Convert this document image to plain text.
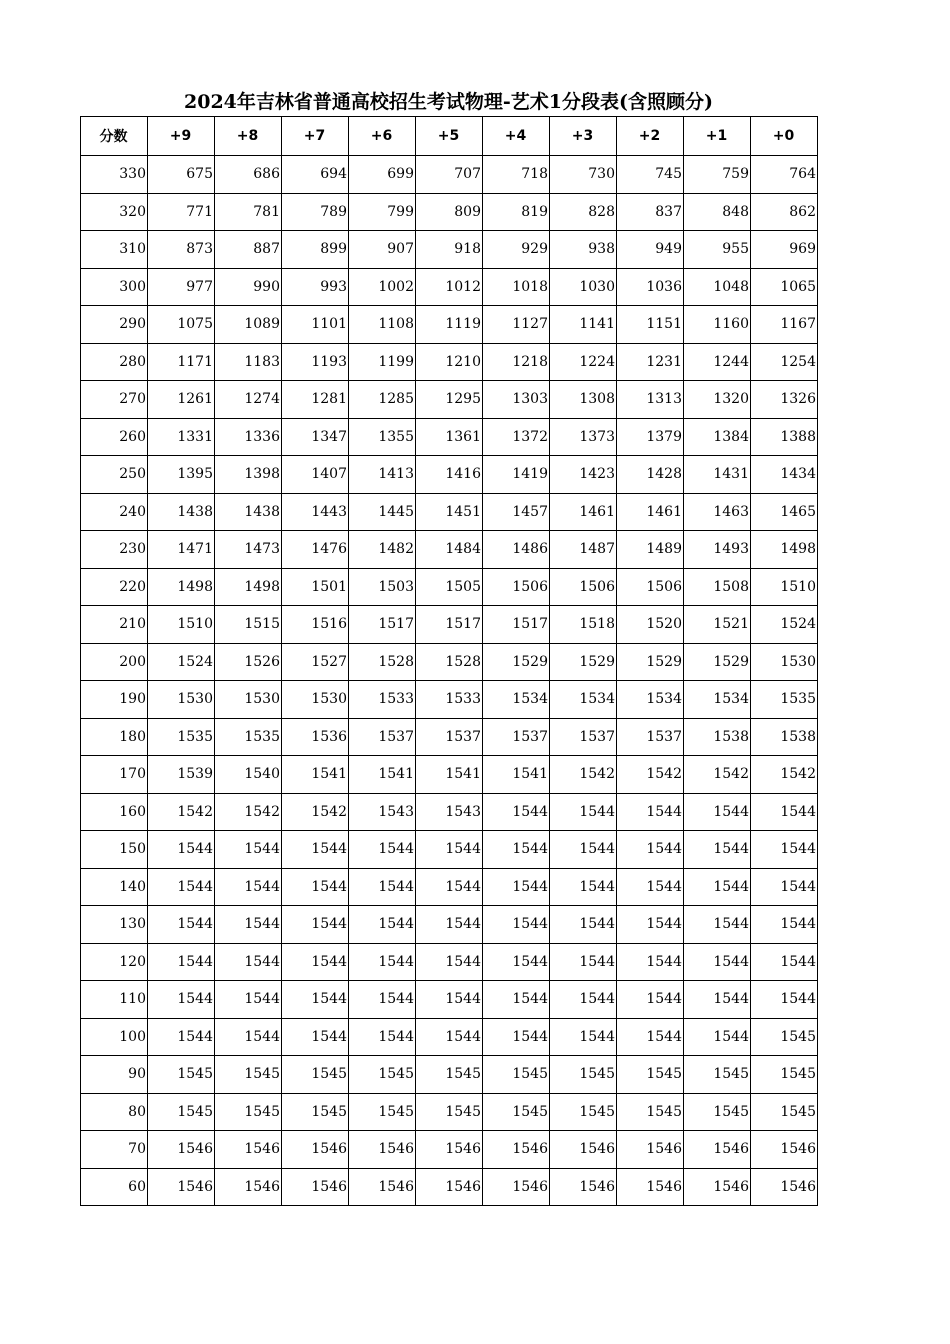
2024年吉林省普通高校招生考试物理-艺术1分段表(含照顾分)
分数	+9	+8	+7	+6	+5	+4	+3	+2	+1	+0
330	675	686	694	699	707	718	730	745	759	764
320	771	781	789	799	809	819	828	837	848	862
310	873	887	899	907	918	929	938	949	955	969
300	977	990	993	1002	1012	1018	1030	1036	1048	1065
290	1075	1089	1101	1108	1119	1127	1141	1151	1160	1167
280	1171	1183	1193	1199	1210	1218	1224	1231	1244	1254
270	1261	1274	1281	1285	1295	1303	1308	1313	1320	1326
260	1331	1336	1347	1355	1361	1372	1373	1379	1384	1388
250	1395	1398	1407	1413	1416	1419	1423	1428	1431	1434
240	1438	1438	1443	1445	1451	1457	1461	1461	1463	1465
230	1471	1473	1476	1482	1484	1486	1487	1489	1493	1498
220	1498	1498	1501	1503	1505	1506	1506	1506	1508	1510
210	1510	1515	1516	1517	1517	1517	1518	1520	1521	1524
200	1524	1526	1527	1528	1528	1529	1529	1529	1529	1530
190	1530	1530	1530	1533	1533	1534	1534	1534	1534	1535
180	1535	1535	1536	1537	1537	1537	1537	1537	1538	1538
170	1539	1540	1541	1541	1541	1541	1542	1542	1542	1542
160	1542	1542	1542	1543	1543	1544	1544	1544	1544	1544
150	1544	1544	1544	1544	1544	1544	1544	1544	1544	1544
140	1544	1544	1544	1544	1544	1544	1544	1544	1544	1544
130	1544	1544	1544	1544	1544	1544	1544	1544	1544	1544
120	1544	1544	1544	1544	1544	1544	1544	1544	1544	1544
110	1544	1544	1544	1544	1544	1544	1544	1544	1544	1544
100	1544	1544	1544	1544	1544	1544	1544	1544	1544	1545
90	1545	1545	1545	1545	1545	1545	1545	1545	1545	1545
80	1545	1545	1545	1545	1545	1545	1545	1545	1545	1545
70	1546	1546	1546	1546	1546	1546	1546	1546	1546	1546
60	1546	1546	1546	1546	1546	1546	1546	1546	1546	1546
